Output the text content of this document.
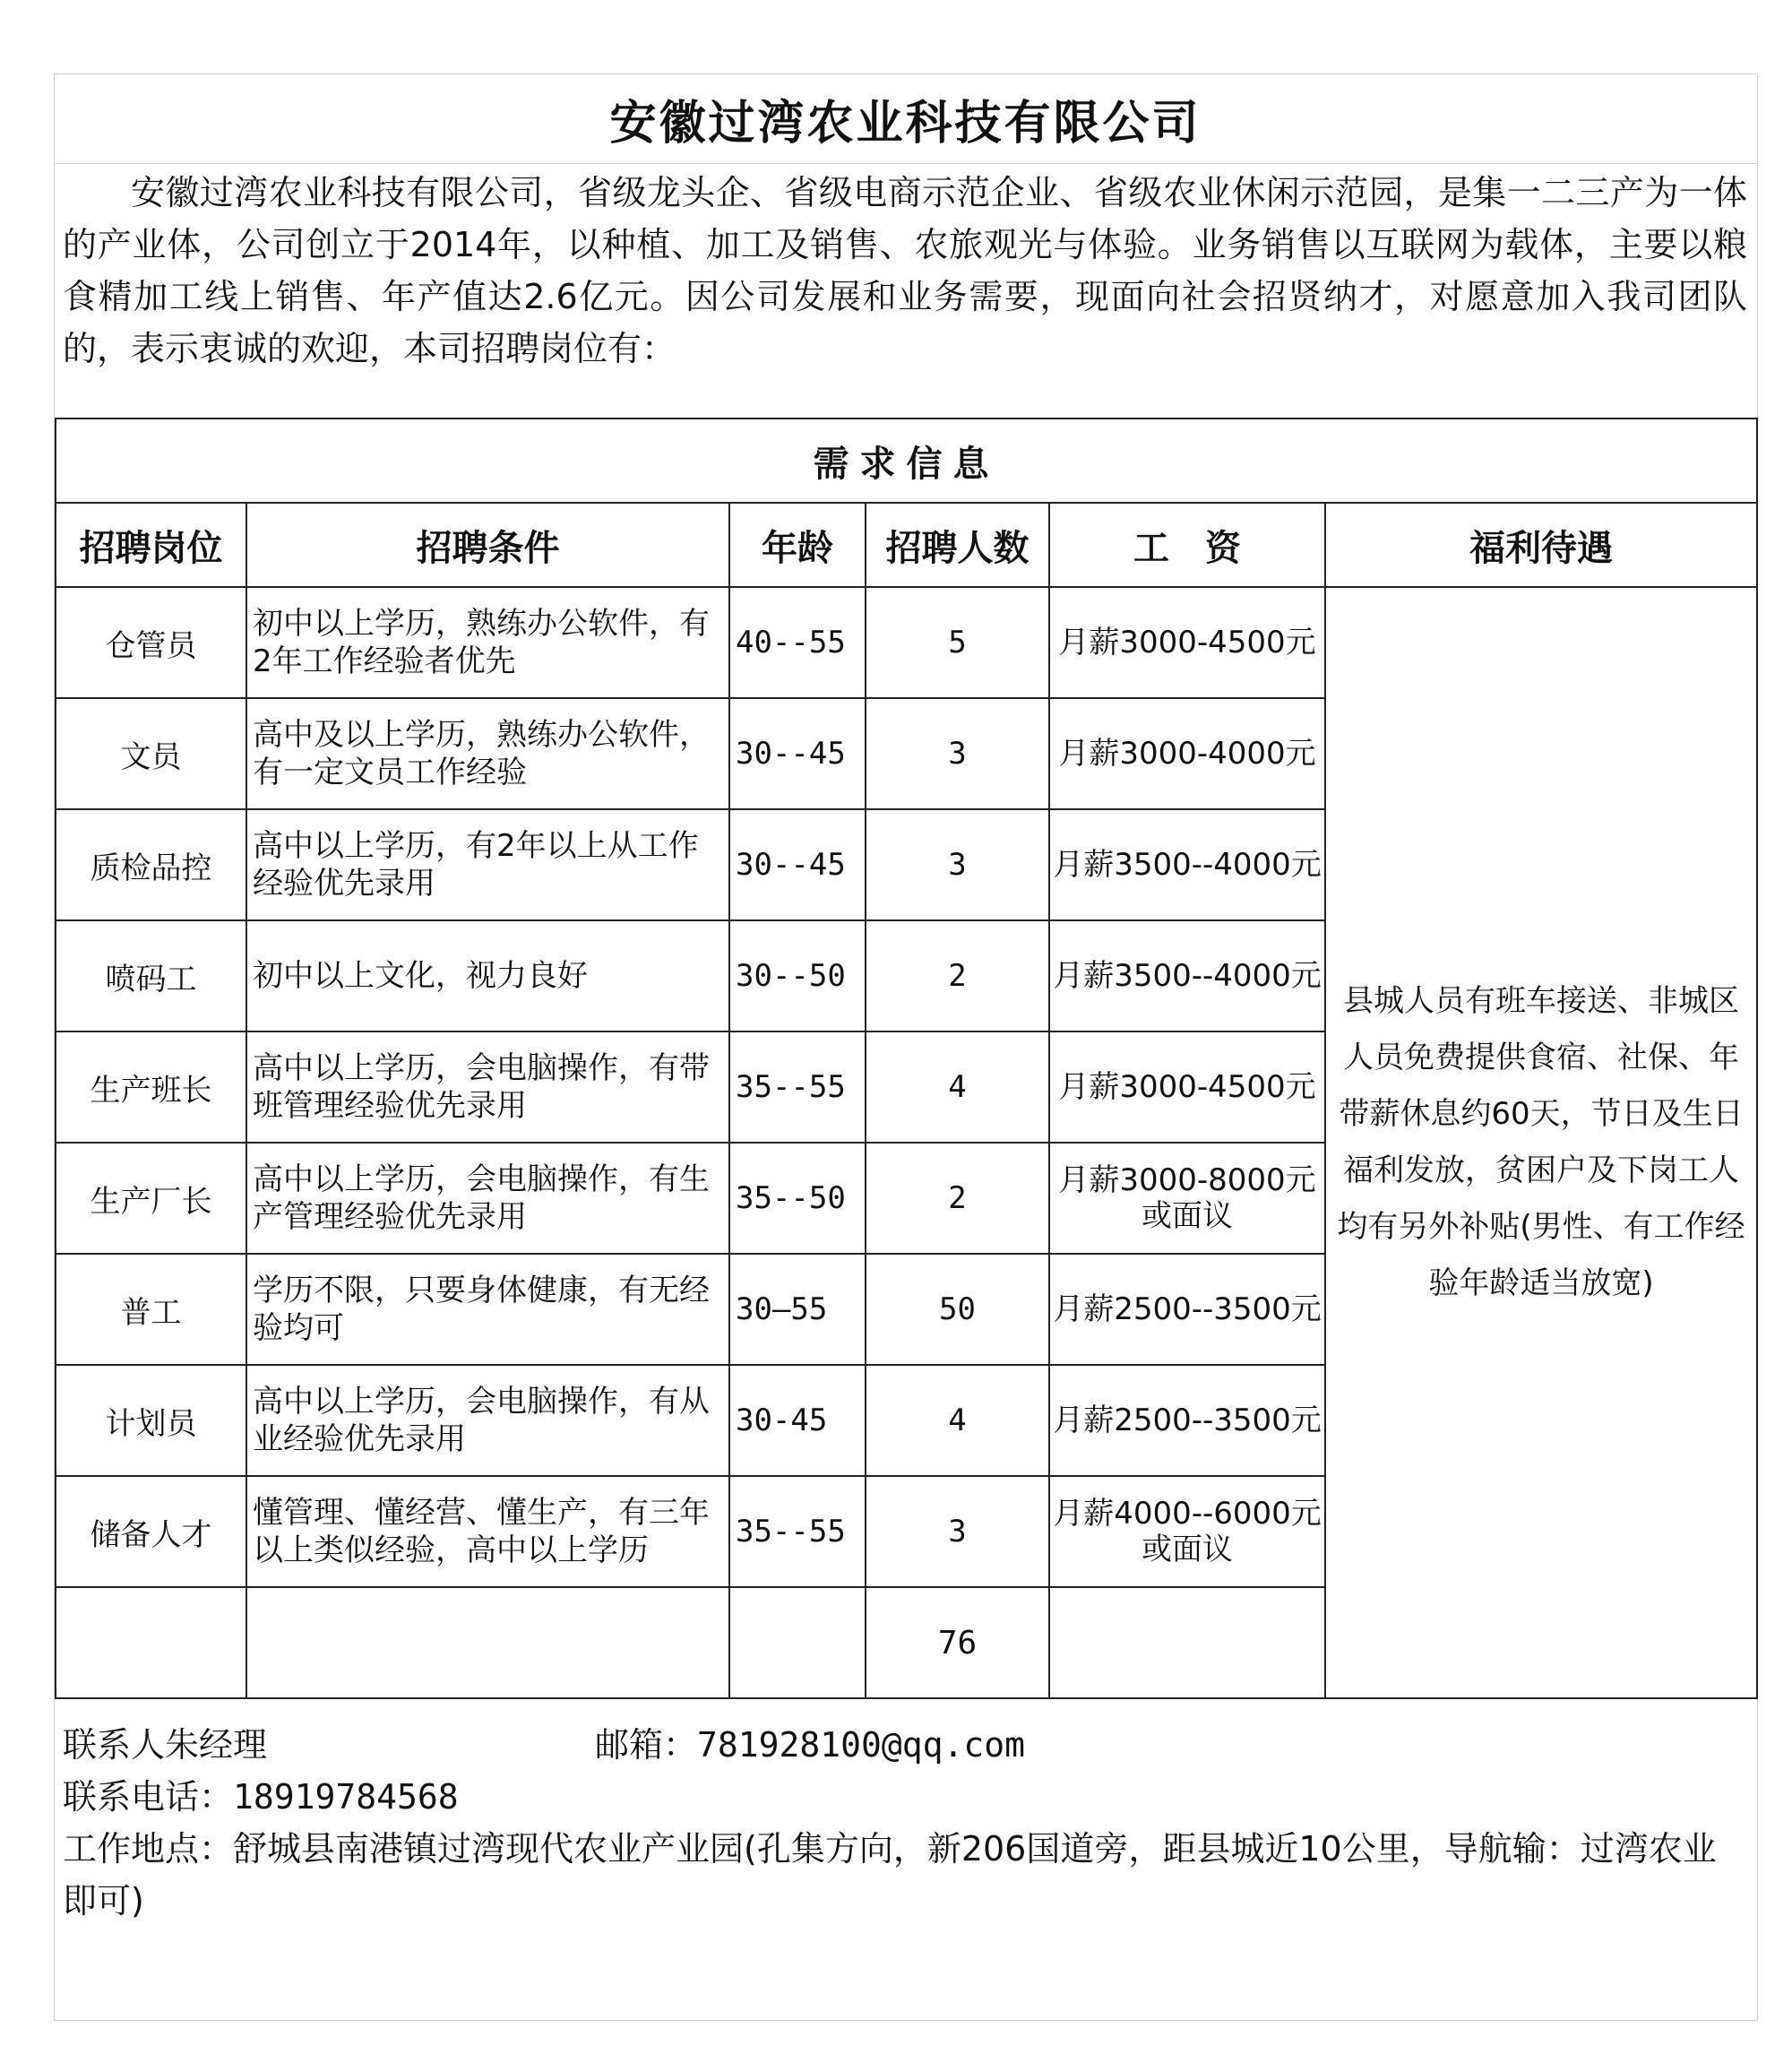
安徽过湾农业科技有限公司
安徽过湾农业科技有限公司，省级龙头企、省级电商示范企业、省级农业休闲示范园，是集一二三产为一体的产业体，公司创立于2014年，以种植、加工及销售、农旅观光与体验。业务销售以互联网为载体，主要以粮食精加工线上销售、年产值达2.6亿元。因公司发展和业务需要，现面向社会招贤纳才，对愿意加入我司团队的，表示衷诚的欢迎，本司招聘岗位有：
需求信息					
招聘岗位	招聘条件	年龄	招聘人数	工　资	福利待遇
仓管员	初中以上学历，熟练办公软件，有2年工作经验者优先	40--55	5	月薪3000-4500元	县城人员有班车接送、非城区人员免费提供食宿、社保、年带薪休息约60天，节日及生日福利发放，贫困户及下岗工人均有另外补贴(男性、有工作经验年龄适当放宽)
文员	高中及以上学历，熟练办公软件，有一定文员工作经验	30--45	3	月薪3000-4000元	
质检品控	高中以上学历，有2年以上从工作经验优先录用	30--45	3	月薪3500--4000元	
喷码工	初中以上文化，视力良好	30--50	2	月薪3500--4000元	
生产班长	高中以上学历，会电脑操作，有带班管理经验优先录用	35--55	4	月薪3000-4500元	
生产厂长	高中以上学历，会电脑操作，有生产管理经验优先录用	35--50	2	月薪3000-8000元或面议	
普工	学历不限，只要身体健康，有无经验均可	30—55	50	月薪2500--3500元	
计划员	高中以上学历，会电脑操作，有从业经验优先录用	30-45	4	月薪2500--3500元	
储备人才	懂管理、懂经营、懂生产，有三年以上类似经验，高中以上学历	35--55	3	月薪4000--6000元或面议	
			76		
联系人朱经理	邮箱：781928100@qq.com
联系电话：18919784568
工作地点：舒城县南港镇过湾现代农业产业园(孔集方向，新206国道旁，距县城近10公里，导航输：过湾农业即可)
